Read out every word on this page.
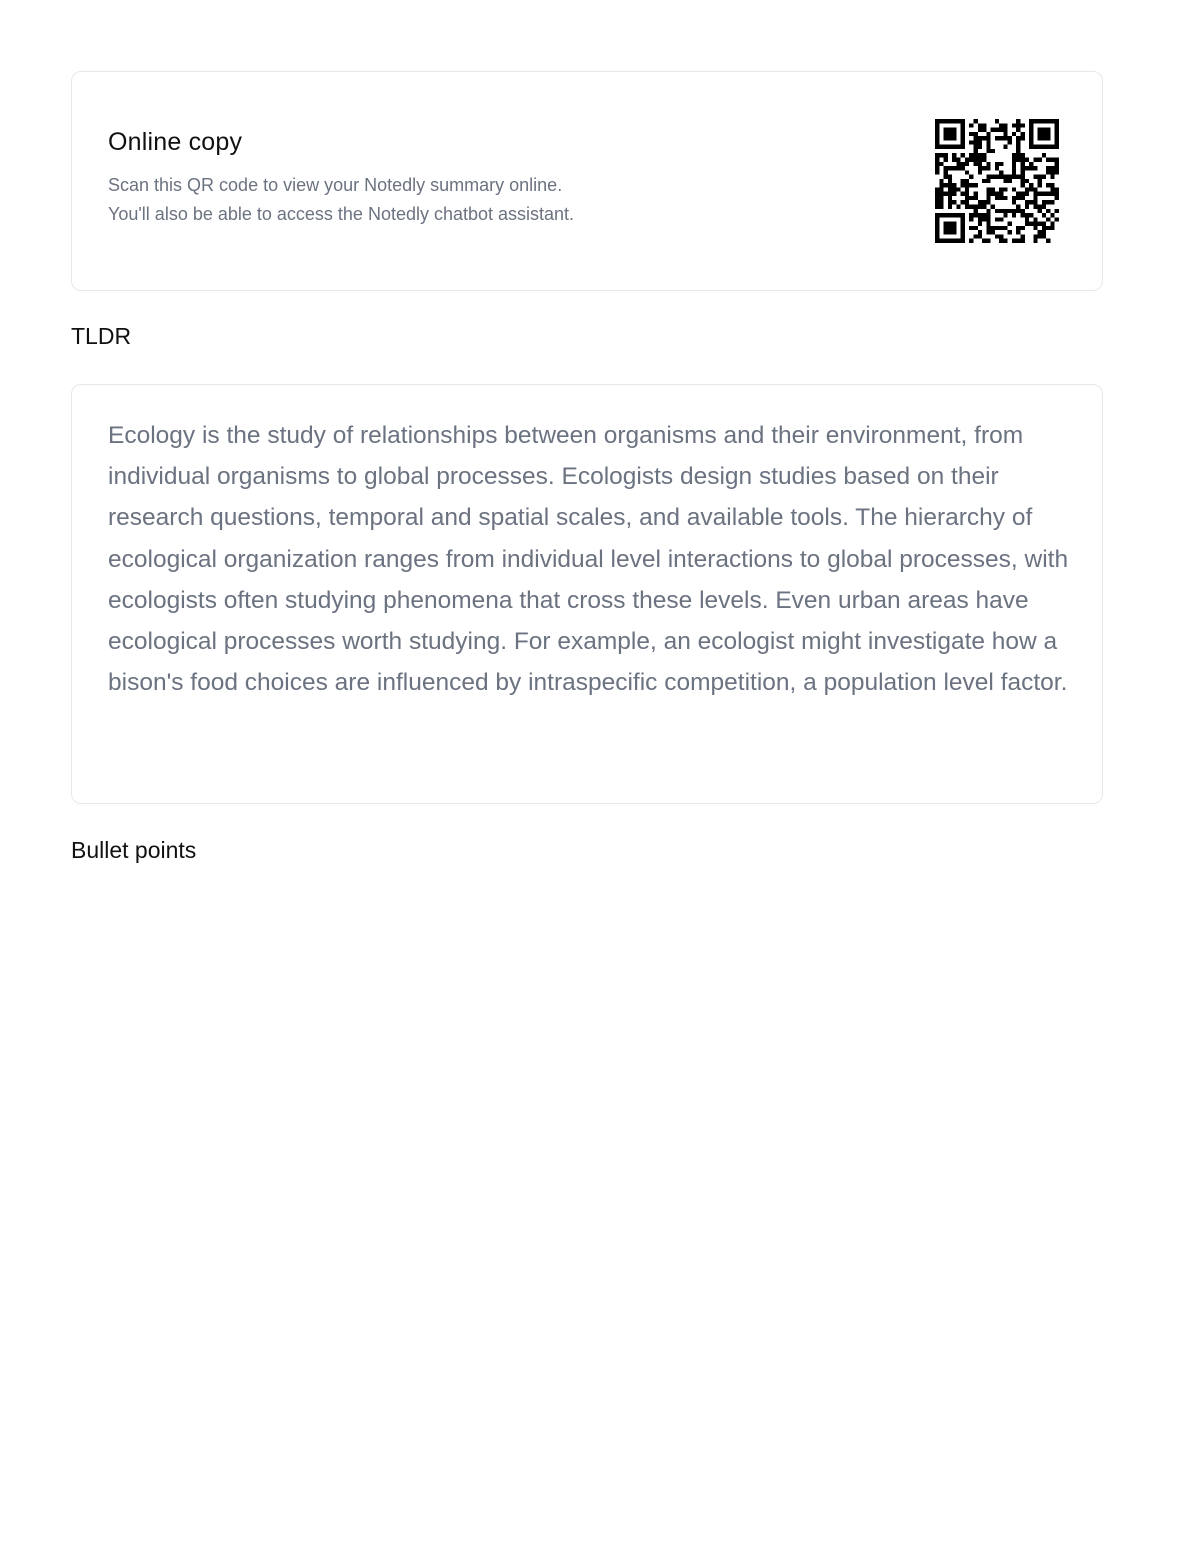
Online copy

Scan this QR code to view your Notedly summary online.

You'll also be able to access the Notedly chatbot assistant.

TLDR

Ecology is the study of relationships between organisms and their environment, from individual organisms to global processes. Ecologists design studies based on their research questions, temporal and spatial scales, and available tools. The hierarchy of ecological organization ranges from individual level interactions to global processes, with ecologists often studying phenomena that cross these levels. Even urban areas have ecological processes worth studying. For example, an ecologist might investigate how a bison's food choices are influenced by intraspecific competition, a population level factor.

Bullet points
